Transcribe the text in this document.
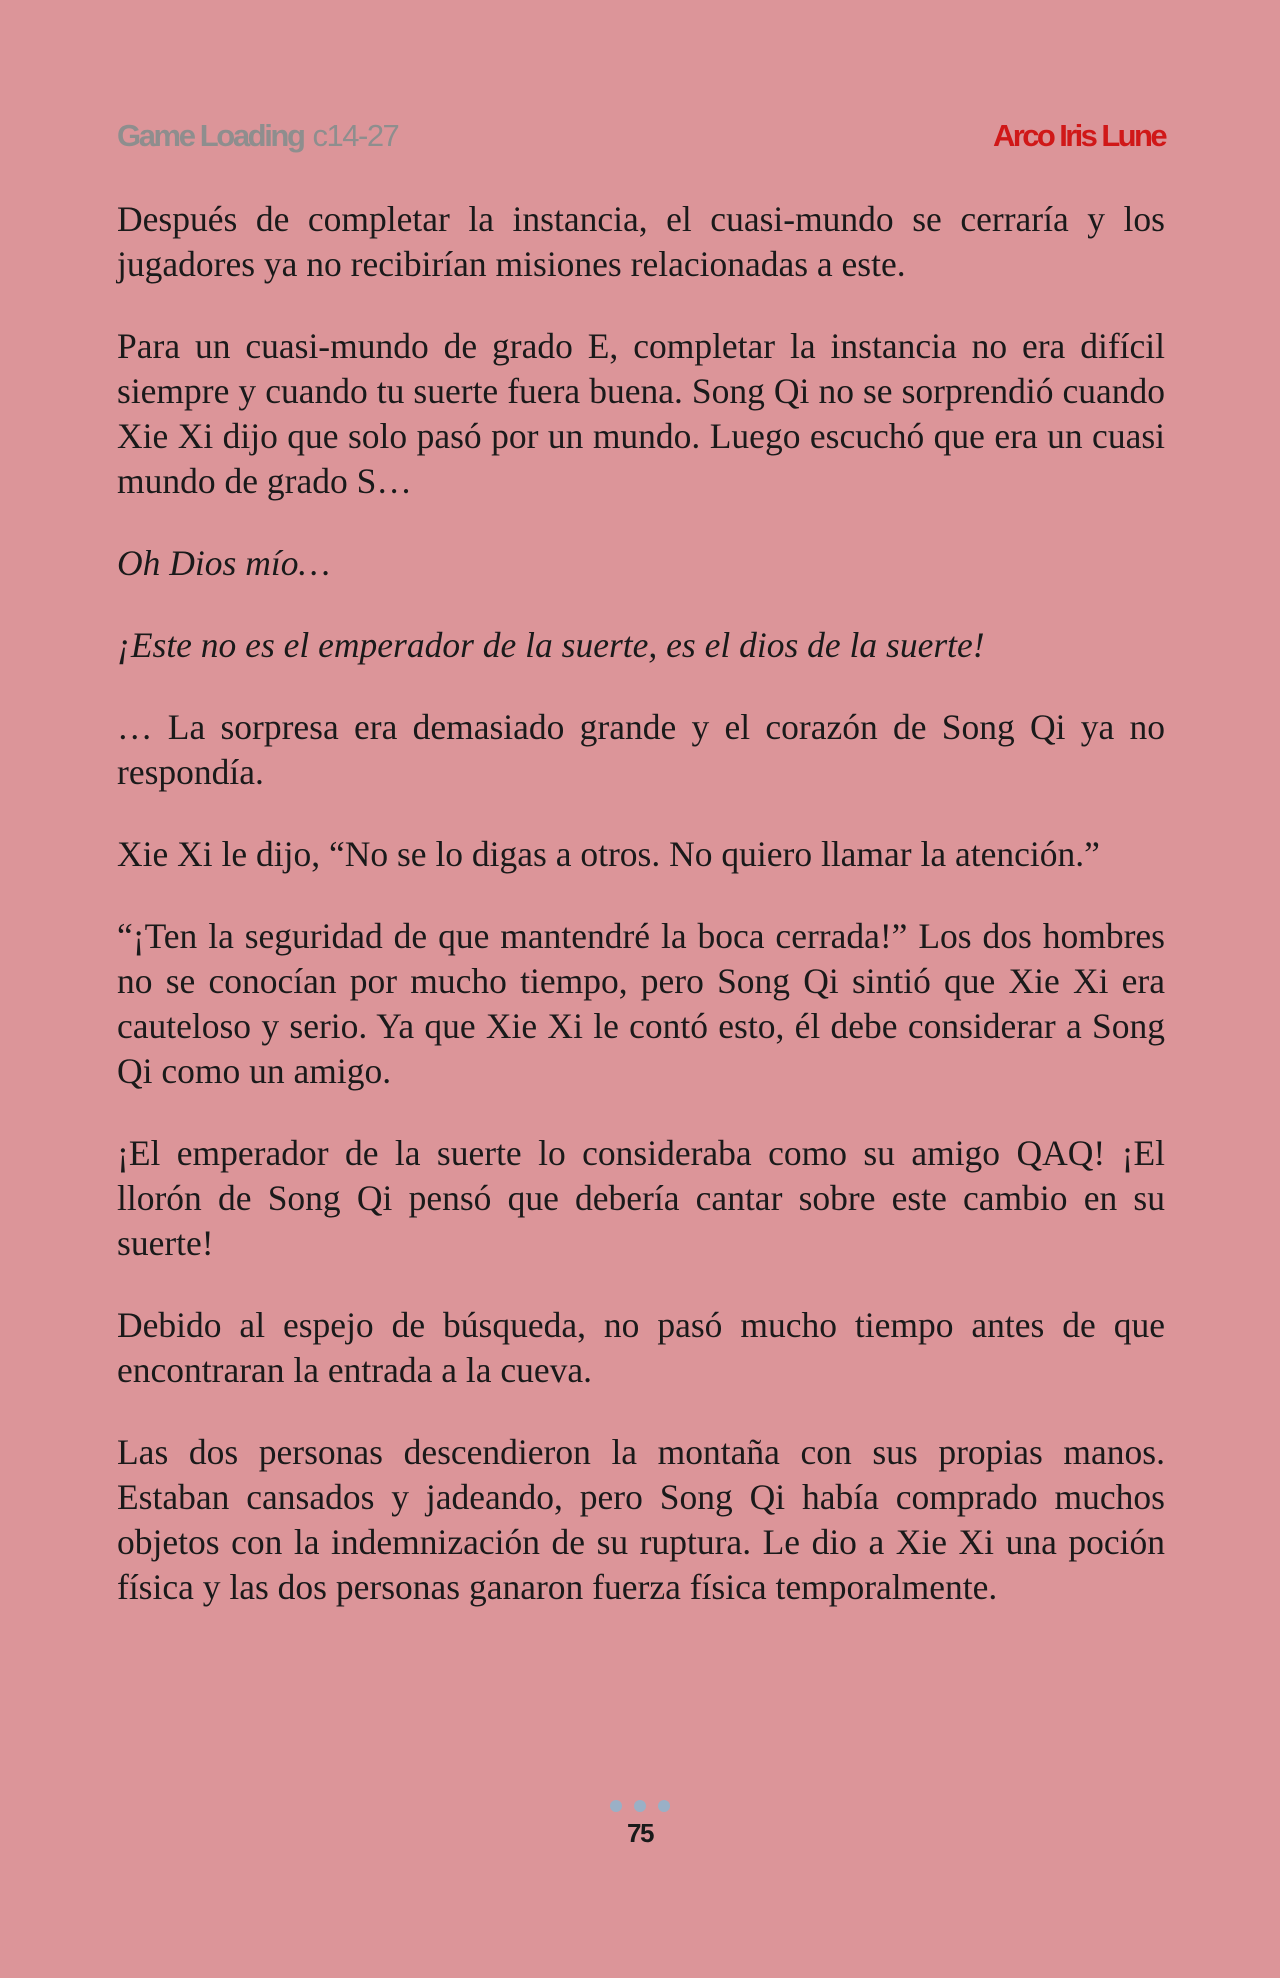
Game Loading c14-27	Arco Iris Lune

Después de completar la instancia, el cuasi-mundo se cerraría y los jugadores ya no recibirían misiones relacionadas a este.

Para un cuasi-mundo de grado E, completar la instancia no era difícil siempre y cuando tu suerte fuera buena. Song Qi no se sorprendió cuando Xie Xi dijo que solo pasó por un mundo. Luego escuchó que era un cuasi mundo de grado S…

Oh Dios mío…

¡Este no es el emperador de la suerte, es el dios de la suerte!

… La sorpresa era demasiado grande y el corazón de Song Qi ya no respondía.

Xie Xi le dijo, “No se lo digas a otros. No quiero llamar la atención.”

“¡Ten la seguridad de que mantendré la boca cerrada!” Los dos hombres no se conocían por mucho tiempo, pero Song Qi sintió que Xie Xi era cauteloso y serio. Ya que Xie Xi le contó esto, él debe considerar a Song Qi como un amigo.

¡El emperador de la suerte lo consideraba como su amigo QAQ! ¡El llorón de Song Qi pensó que debería cantar sobre este cambio en su suerte!

Debido al espejo de búsqueda, no pasó mucho tiempo antes de que encontraran la entrada a la cueva.

Las dos personas descendieron la montaña con sus propias manos. Estaban cansados y jadeando, pero Song Qi había comprado muchos objetos con la indemnización de su ruptura. Le dio a Xie Xi una poción física y las dos personas ganaron fuerza física temporalmente.

75
